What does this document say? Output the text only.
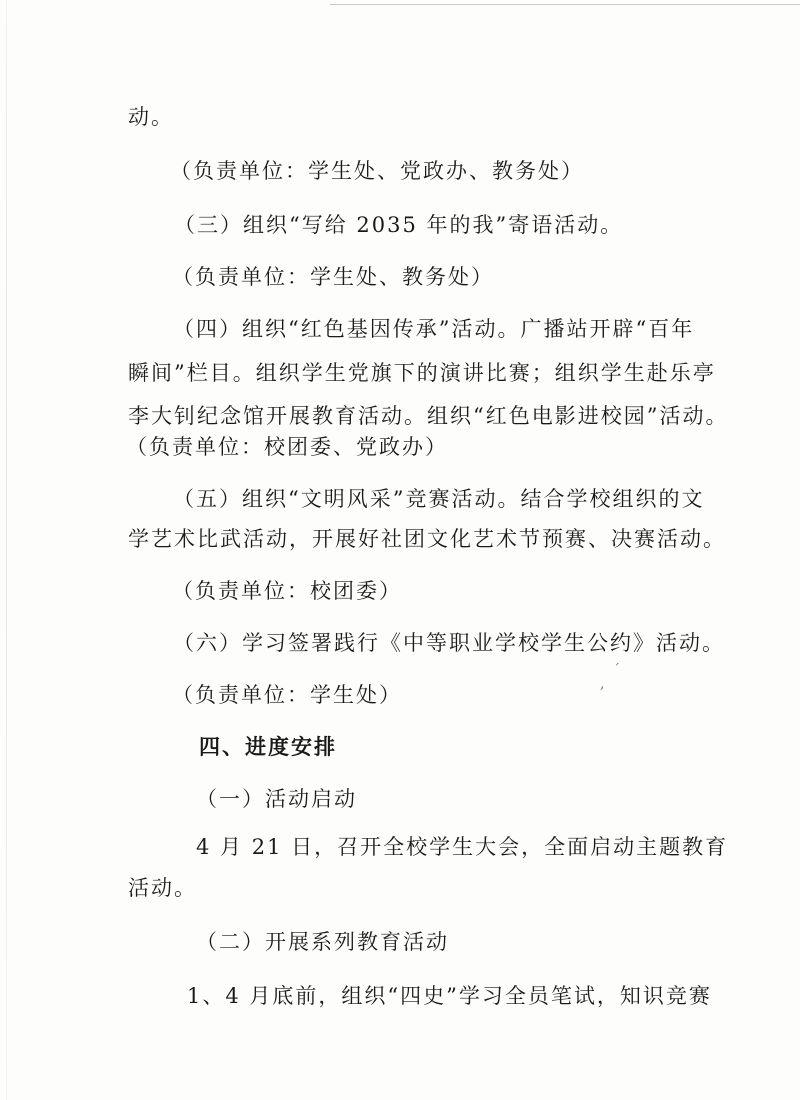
动。

（负责单位：学生处、党政办、教务处）

（三）组织“写给 2035 年的我”寄语活动。

（负责单位：学生处、教务处）

（四）组织“红色基因传承”活动。广播站开辟“百年

瞬间”栏目。组织学生党旗下的演讲比赛；组织学生赴乐亭

李大钊纪念馆开展教育活动。组织“红色电影进校园”活动。

（负责单位：校团委、党政办）

（五）组织“文明风采”竞赛活动。结合学校组织的文

学艺术比武活动，开展好社团文化艺术节预赛、决赛活动。

（负责单位：校团委）

（六）学习签署践行《中等职业学校学生公约》活动。

（负责单位：学生处）

四、进度安排

（一）活动启动

4 月 21 日，召开全校学生大会，全面启动主题教育

活动。

（二）开展系列教育活动

1、4 月底前，组织“四史”学习全员笔试，知识竞赛

ˊ
,
